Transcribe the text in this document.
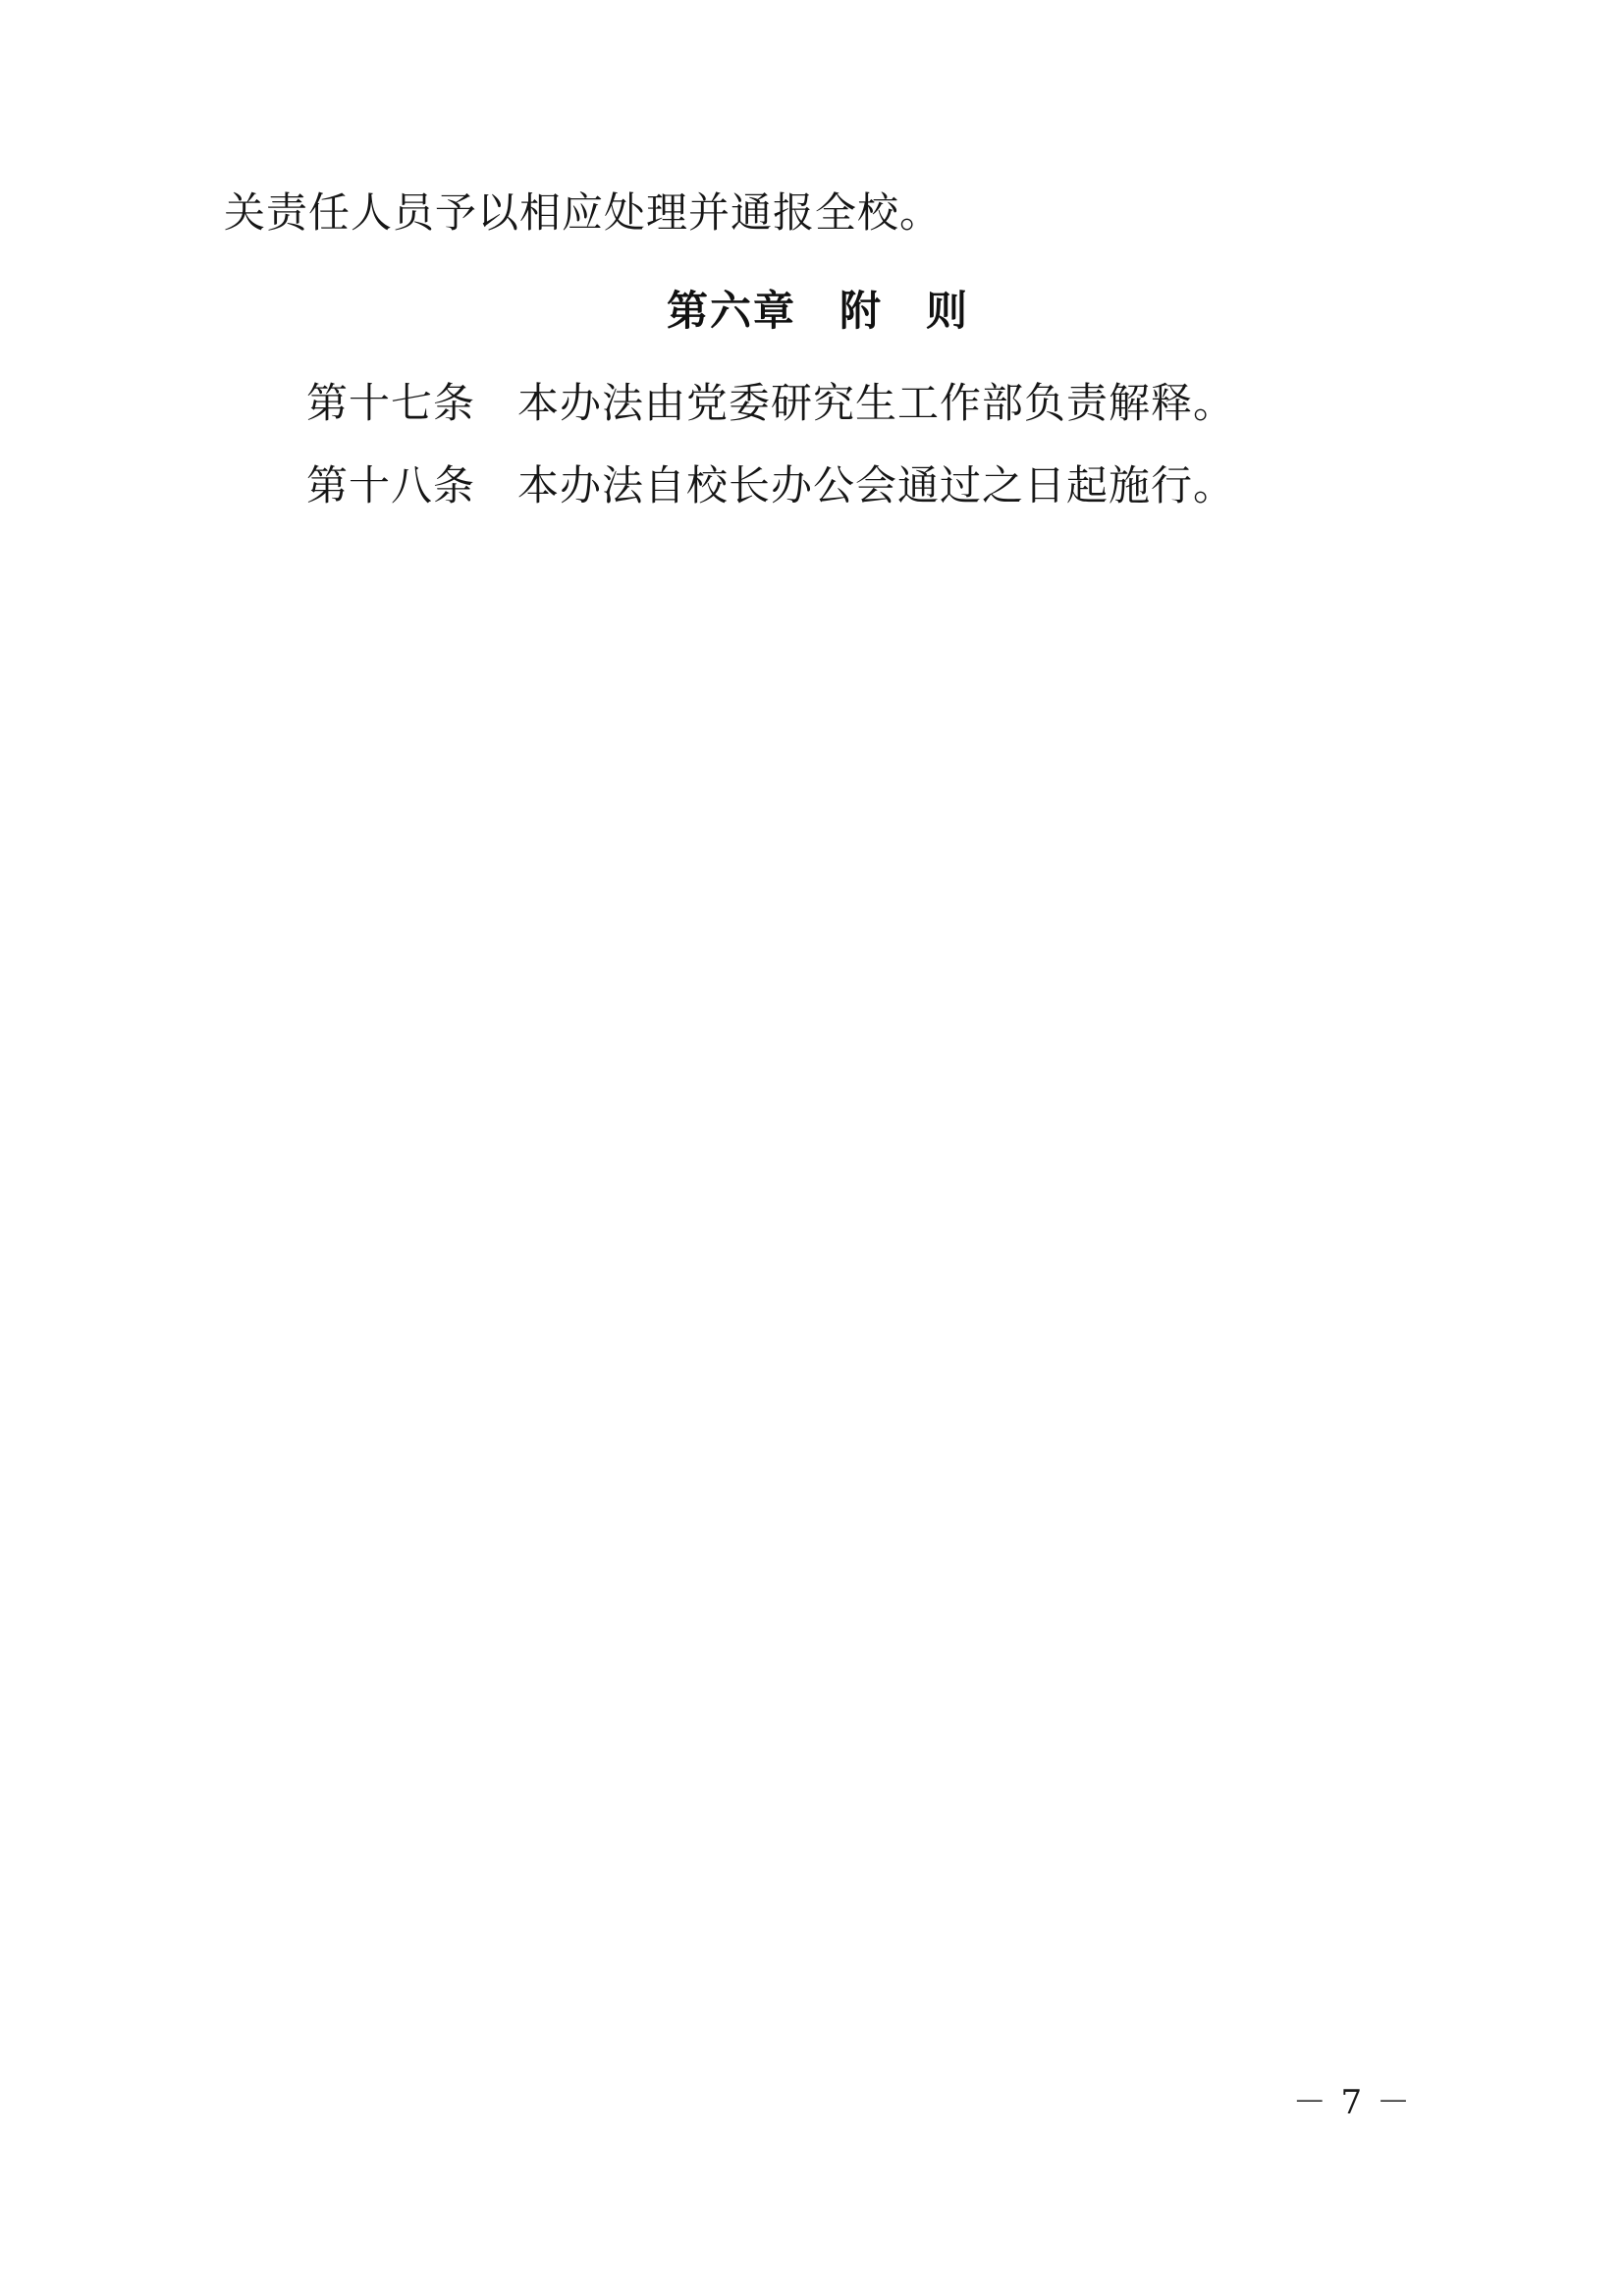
关责任人员予以相应处理并通报全校。
第六章　附　则
第十七条　本办法由党委研究生工作部负责解释。
第十八条　本办法自校长办公会通过之日起施行。
－ 7 －
